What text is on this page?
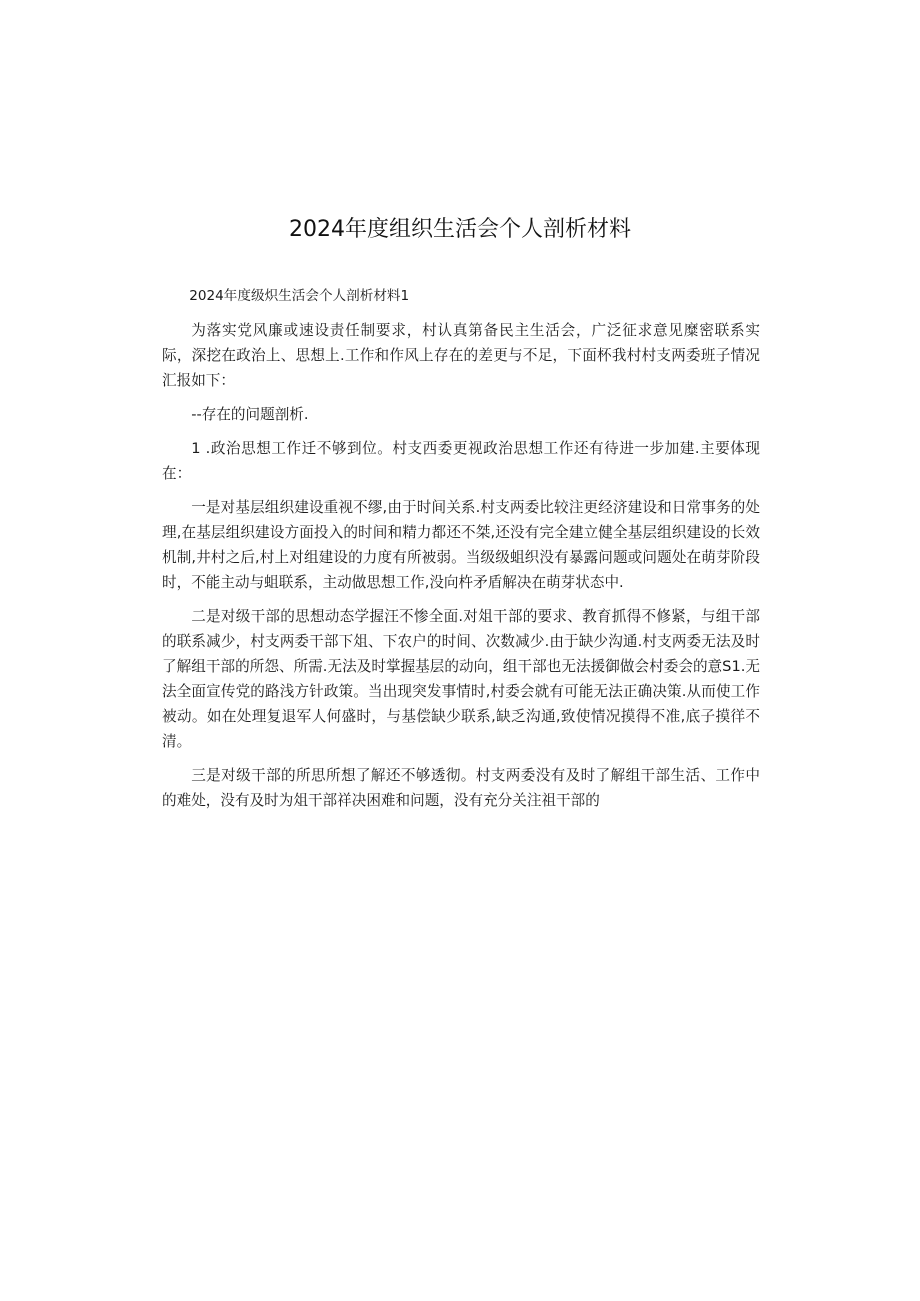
2024年度组织生活会个人剖析材料

2024年度级炽生活会个人剖析材料1

为落实党风廉或速设责任制要求，村认真第备民主生活会，广泛征求意见糜密联系实际，深挖在政治上、思想上.工作和作风上存在的差更与不足，下面杯我村村支两委班子情况汇报如下：

--存在的问题剖析.

1 .政治思想工作迁不够到位。村支西委更视政治思想工作还有待进一步加建.主要体现在：

一是对基层组织建设重视不缪,由于时间关系.村支两委比较注更经济建设和日常事务的处理,在基层组织建设方面投入的时间和精力都还不桀,还没有完全建立健全基层组织建设的长效机制,井村之后,村上对组建设的力度有所被弱。当级级蛆织没有暴露问题或问题处在萌芽阶段时，不能主动与蛆联系，主动做思想工作,没向杵矛盾解决在萌芽状态中.

二是对级干部的思想动态学握汪不惨全面.对俎干部的要求、教育抓得不修紧，与组干部的联系减少，村支两委干部下俎、下农户的时间、次数减少.由于缺少沟通.村支两委无法及时了解组干部的所怨、所需.无法及时掌握基层的动向，组干部也无法援御做会村委会的意S1.无法全面宣传党的路浅方针政策。当出现突发事情时,村委会就有可能无法正确决策.从而使工作被动。如在处理复退军人何盛时，与基偿缺少联系,缺乏沟通,致使情况摸得不准,底子摸徉不清。

三是对级干部的所思所想了解还不够透彻。村支两委没有及时了解组干部生活、工作中的难处，没有及时为俎干部祥决困难和问题，没有充分关注祖干部的
